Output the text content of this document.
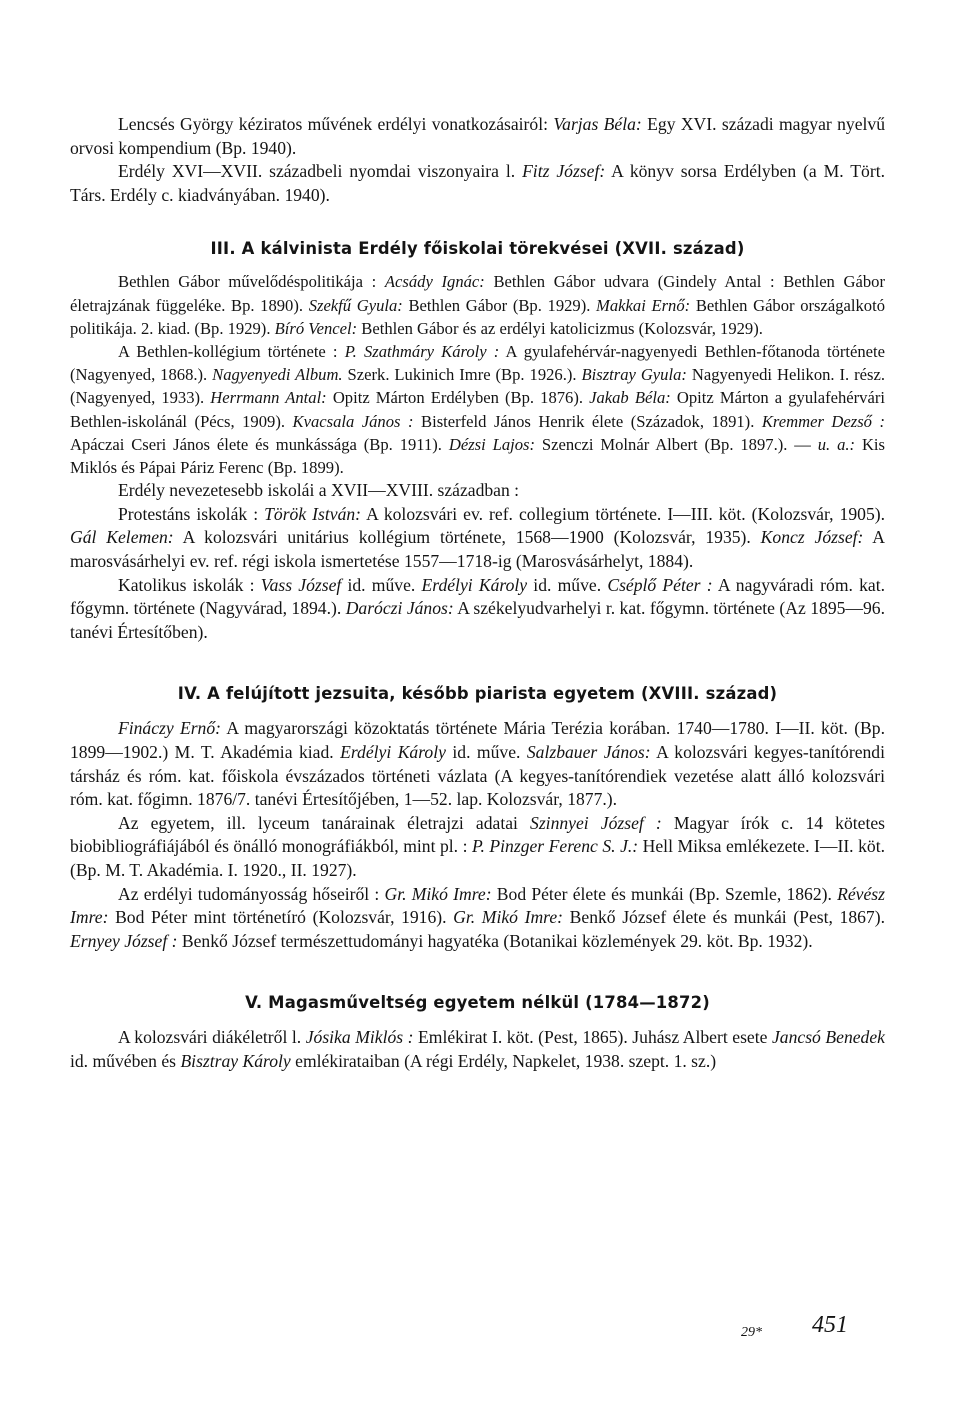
Lencsés György kéziratos művének erdélyi vonatkozásairól: Varjas Béla: Egy XVI. századi magyar nyelvű orvosi kompendium (Bp. 1940).

Erdély XVI—XVII. századbeli nyomdai viszonyaira l. Fitz József: A könyv sorsa Erdélyben (a M. Tört. Társ. Erdély c. kiadványában. 1940).

III. A kálvinista Erdély főiskolai törekvései (XVII. század)

Bethlen Gábor művelődéspolitikája : Acsády Ignác: Bethlen Gábor udvara (Gindely Antal : Bethlen Gábor életrajzának függeléke. Bp. 1890). Szekfű Gyula: Bethlen Gábor (Bp. 1929). Makkai Ernő: Bethlen Gábor országalkotó politikája. 2. kiad. (Bp. 1929). Bíró Vencel: Bethlen Gábor és az erdélyi katolicizmus (Kolozsvár, 1929).

A Bethlen-kollégium története : P. Szathmáry Károly : A gyulafehérvár-nagyenyedi Bethlen-főtanoda története (Nagyenyed, 1868.). Nagyenyedi Album. Szerk. Lukinich Imre (Bp. 1926.). Bisztray Gyula: Nagyenyedi Helikon. I. rész. (Nagyenyed, 1933). Herrmann Antal: Opitz Márton Erdélyben (Bp. 1876). Jakab Béla: Opitz Márton a gyulafehérvári Bethlen-iskolánál (Pécs, 1909). Kvacsala János : Bisterfeld János Henrik élete (Századok, 1891). Kremmer Dezső : Apáczai Cseri János élete és munkássága (Bp. 1911). Dézsi Lajos: Szenczi Molnár Albert (Bp. 1897.). — u. a.: Kis Miklós és Pápai Páriz Ferenc (Bp. 1899).

Erdély nevezetesebb iskolái a XVII—XVIII. században :

Protestáns iskolák : Török István: A kolozsvári ev. ref. collegium története. I—III. köt. (Kolozsvár, 1905). Gál Kelemen: A kolozsvári unitárius kollégium története, 1568—1900 (Kolozsvár, 1935). Koncz József: A marosvásárhelyi ev. ref. régi iskola ismertetése 1557—1718-ig (Marosvásárhelyt, 1884).

Katolikus iskolák : Vass József id. műve. Erdélyi Károly id. műve. Cséplő Péter : A nagyváradi róm. kat. főgymn. története (Nagyvárad, 1894.). Daróczi János: A székelyudvarhelyi r. kat. főgymn. története (Az 1895—96. tanévi Értesítőben).

IV. A felújított jezsuita, később piarista egyetem (XVIII. század)

Fináczy Ernő: A magyarországi közoktatás története Mária Terézia korában. 1740—1780. I—II. köt. (Bp. 1899—1902.) M. T. Akadémia kiad. Erdélyi Károly id. műve. Salzbauer János: A kolozsvári kegyes-tanítórendi társház és róm. kat. főiskola évszázados történeti vázlata (A kegyes-tanítórendiek vezetése alatt álló kolozsvári róm. kat. főgimn. 1876/7. tanévi Értesítőjében, 1—52. lap. Kolozsvár, 1877.).

Az egyetem, ill. lyceum tanárainak életrajzi adatai Szinnyei József : Magyar írók c. 14 kötetes biobibliográfiájából és önálló monográfiákból, mint pl. : P. Pinzger Ferenc S. J.: Hell Miksa emlékezete. I—II. köt. (Bp. M. T. Akadémia. I. 1920., II. 1927).

Az erdélyi tudományosság hőseiről : Gr. Mikó Imre: Bod Péter élete és munkái (Bp. Szemle, 1862). Révész Imre: Bod Péter mint történetíró (Kolozsvár, 1916). Gr. Mikó Imre: Benkő József élete és munkái (Pest, 1867). Ernyey József : Benkő József természettudományi hagyatéka (Botanikai közlemények 29. köt. Bp. 1932).

V. Magasműveltség egyetem nélkül (1784—1872)

A kolozsvári diákéletről l. Jósika Miklós : Emlékirat I. köt. (Pest, 1865). Juhász Albert esete Jancsó Benedek id. művében és Bisztray Károly emlékirataiban (A régi Erdély, Napkelet, 1938. szept. 1. sz.)

29* 451
